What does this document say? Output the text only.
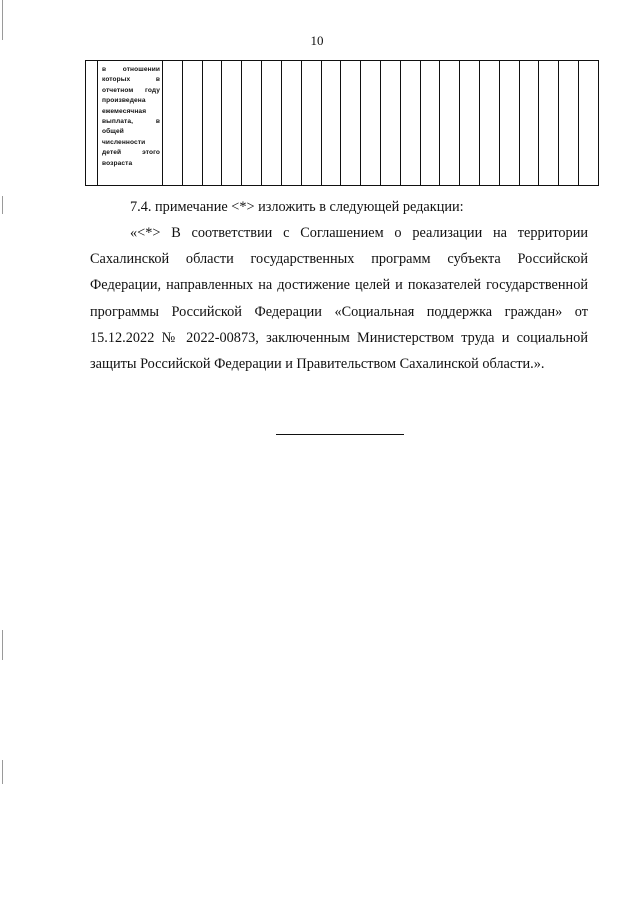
10

в отношении которых в отчетном году произведена ежемесячная выплата, в общей численности детей этого возраста

7.4. примечание <*> изложить в следующей редакции:
«<*> В соответствии с Соглашением о реализации на территории Сахалинской области государственных программ субъекта Российской Федерации, направленных на достижение целей и показателей государственной программы Российской Федерации «Социальная поддержка граждан» от 15.12.2022 № 2022-00873, заключенным Министерством труда и социальной защиты Российской Федерации и Правительством Сахалинской области.».
